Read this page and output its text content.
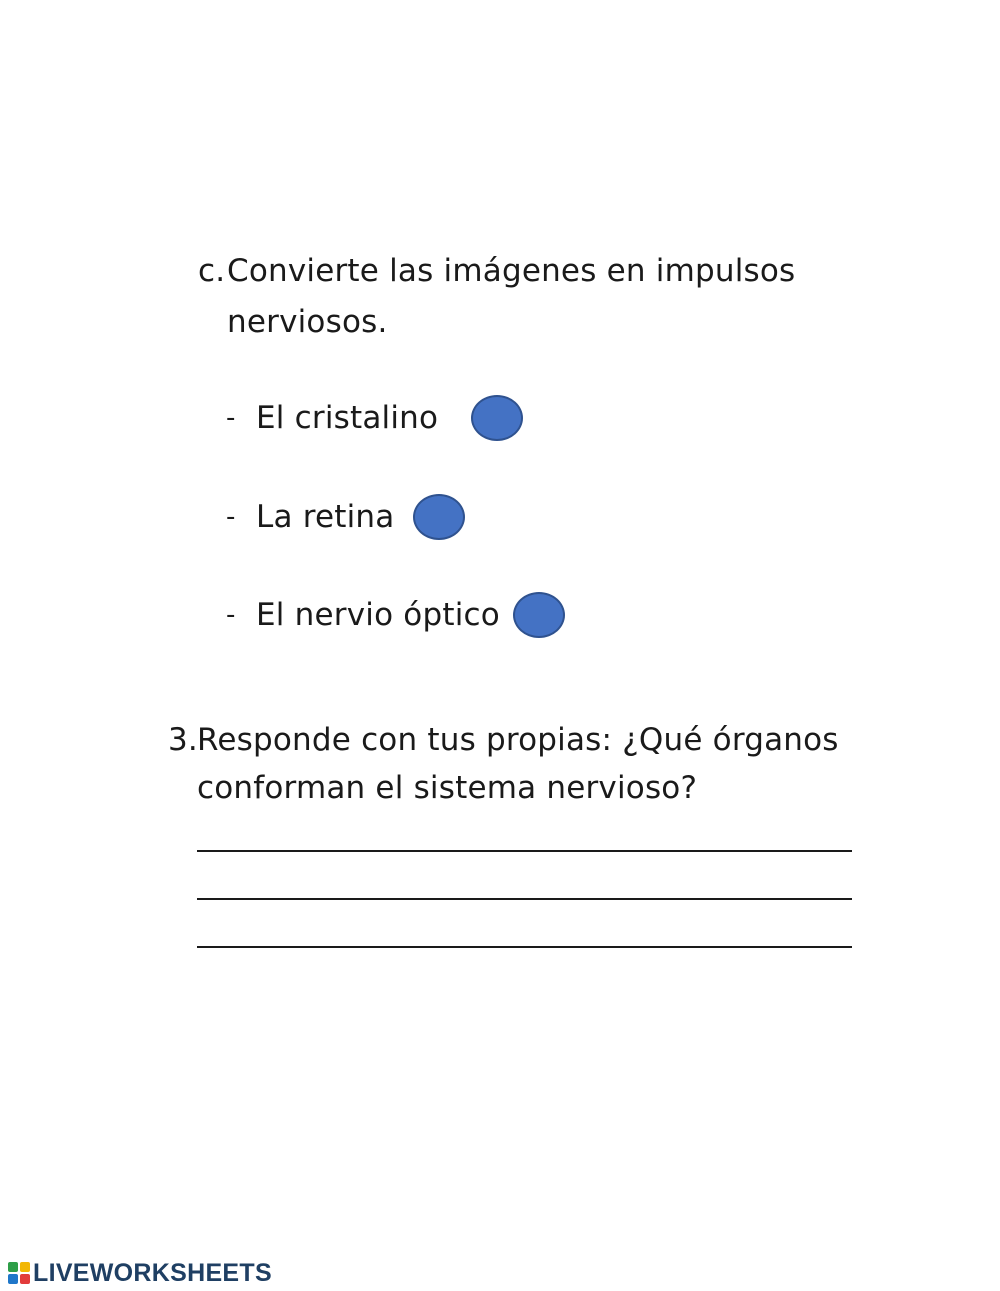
c. Convierte las imágenes en impulsos
nerviosos.
- El cristalino
- La retina
- El nervio óptico
3. Responde con tus propias: ¿Qué órganos
conforman el sistema nervioso?
LIVEWORKSHEETS
